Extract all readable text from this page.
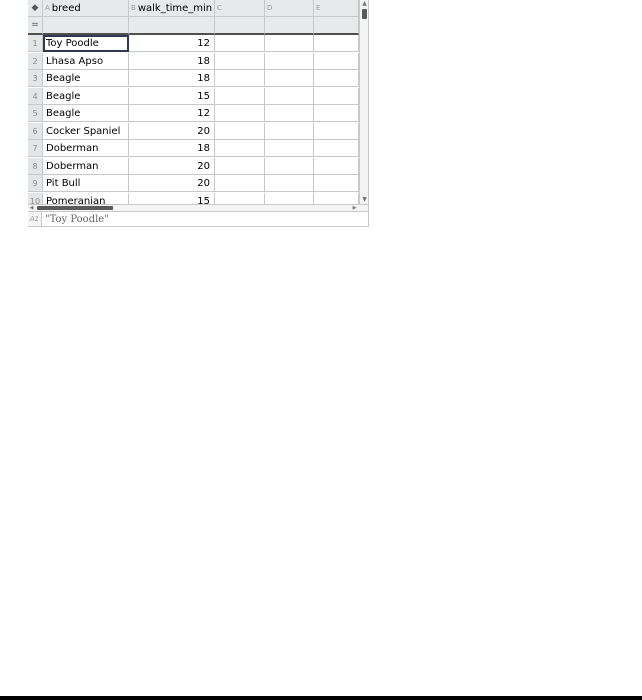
◆ $^A$ breed	$^B$ walk_time_min $^C$	$^D$	$^E$
=
1 Toy Poodle	12
2 Lhasa Apso	18
3 Beagle	18
4 Beagle	15
5 Beagle	12
6 Cocker Spaniel	20
7 Doberman	18
8 Doberman	20
9 Pit Bull	20
10 Pomeranian	15
▲
▼
◀	▶
A1 "Toy Poodle"
